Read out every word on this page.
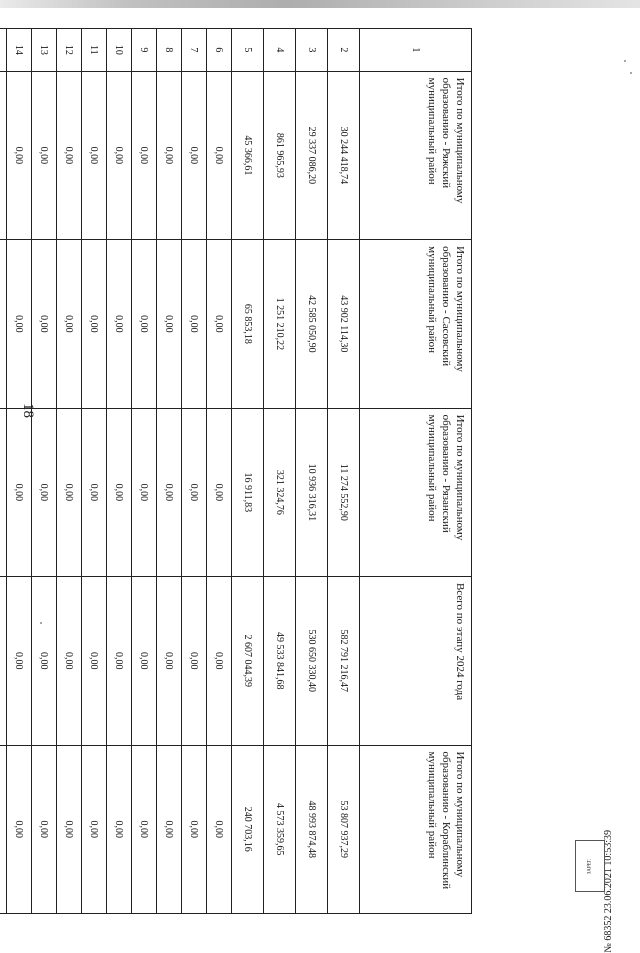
18
1	Итого по муниципальному образованию - Ряжский муниципальный район	Итого по муниципальному образованию - Сасовский муниципальный район	Итого по муниципальному образованию - Рязанский муниципальный район	Всего по этапу 2024 года	Итого по муниципальному образованию - Кораблинский муниципальный район
2	30 244 418,74	43 902 114,30	11 274 552,90	582 791 216,47	53 807 937,29
3	29 337 086,20	42 585 050,90	10 936 316,31	530 650 330,40	48 993 874,48
4	861 965,93	1 251 210,22	321 324,76	49 533 841,68	4 573 359,65
5	45 366,61	65 853,18	16 911,83	2 607 044,39	240 703,16
6	0,00	0,00	0,00	0,00	0,00
7	0,00	0,00	0,00	0,00	0,00
8	0,00	0,00	0,00	0,00	0,00
9	0,00	0,00	0,00	0,00	0,00
10	0,00	0,00	0,00	0,00	0,00
11	0,00	0,00	0,00	0,00	0,00
12	0,00	0,00	0,00	0,00	0,00
13	0,00	0,00	0,00	0,00	0,00
14	0,00	0,00	0,00	0,00	0,00

№ 68352 23.06.2021 10:53:39
ЗАРЕГ.
